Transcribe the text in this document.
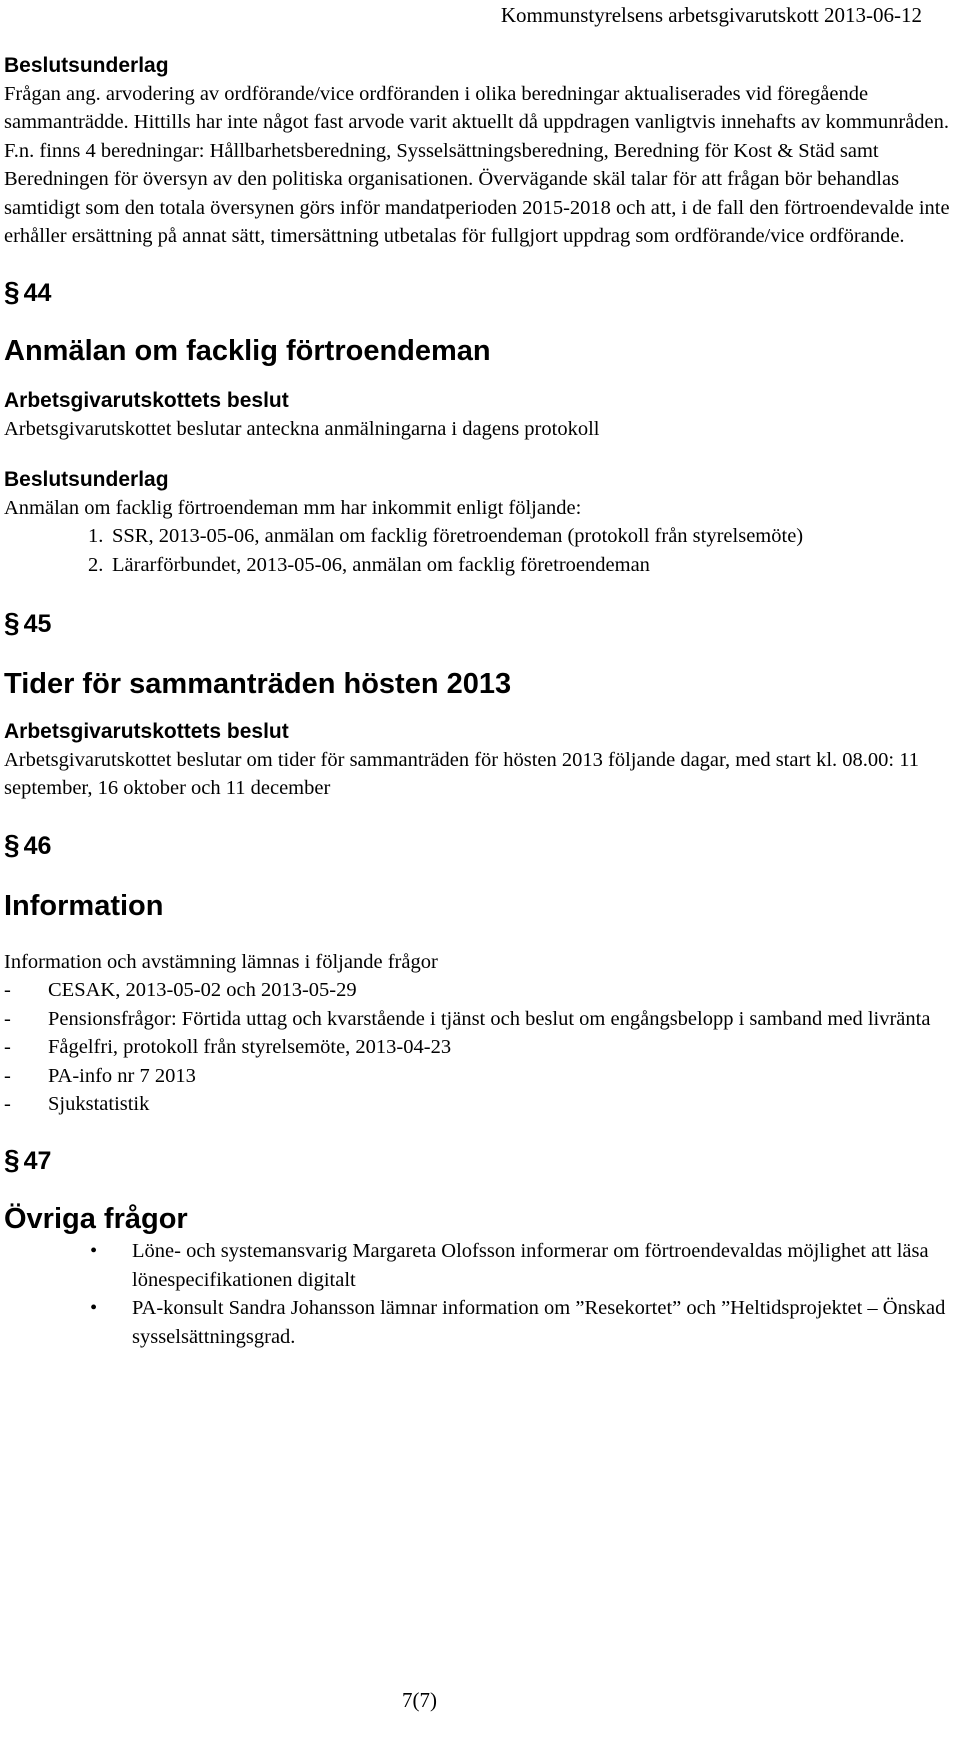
Kommunstyrelsens arbetsgivarutskott 2013-06-12
Beslutsunderlag
Frågan ang. arvodering av ordförande/vice ordföranden i olika beredningar aktualiserades vid föregående sammanträdde. Hittills har inte något fast arvode varit aktuellt då uppdragen vanligtvis innehafts av kommunråden. F.n. finns 4 beredningar: Hållbarhetsberedning, Sysselsättningsberedning, Beredning för Kost & Städ samt Beredningen för översyn av den politiska organisationen. Övervägande skäl talar för att frågan bör behandlas samtidigt som den totala översynen görs inför mandatperioden 2015-2018 och att, i de fall den förtroendevalde inte erhåller ersättning på annat sätt, timersättning utbetalas för fullgjort uppdrag som ordförande/vice ordförande.
§ 44
Anmälan om facklig förtroendeman
Arbetsgivarutskottets beslut
Arbetsgivarutskottet beslutar anteckna anmälningarna i dagens protokoll
Beslutsunderlag
Anmälan om facklig förtroendeman mm har inkommit enligt följande:
1. SSR, 2013-05-06, anmälan om facklig företroendeman (protokoll från styrelsemöte)
2. Lärarförbundet, 2013-05-06, anmälan om facklig företroendeman
§ 45
Tider för sammanträden hösten 2013
Arbetsgivarutskottets beslut
Arbetsgivarutskottet beslutar om tider för sammanträden för hösten 2013 följande dagar, med start kl. 08.00: 11 september, 16 oktober och 11 december
§ 46
Information
Information och avstämning lämnas i följande frågor
- CESAK, 2013-05-02 och 2013-05-29
- Pensionsfrågor: Förtida uttag och kvarstående i tjänst och beslut om engångsbelopp i samband med livränta
- Fågelfri, protokoll från styrelsemöte, 2013-04-23
- PA-info nr 7 2013
- Sjukstatistik
§ 47
Övriga frågor
• Löne- och systemansvarig Margareta Olofsson informerar om förtroendevaldas möjlighet att läsa lönespecifikationen digitalt
• PA-konsult Sandra Johansson lämnar information om ”Resekortet” och ”Heltidsprojektet – Önskad sysselsättningsgrad.
7(7)
